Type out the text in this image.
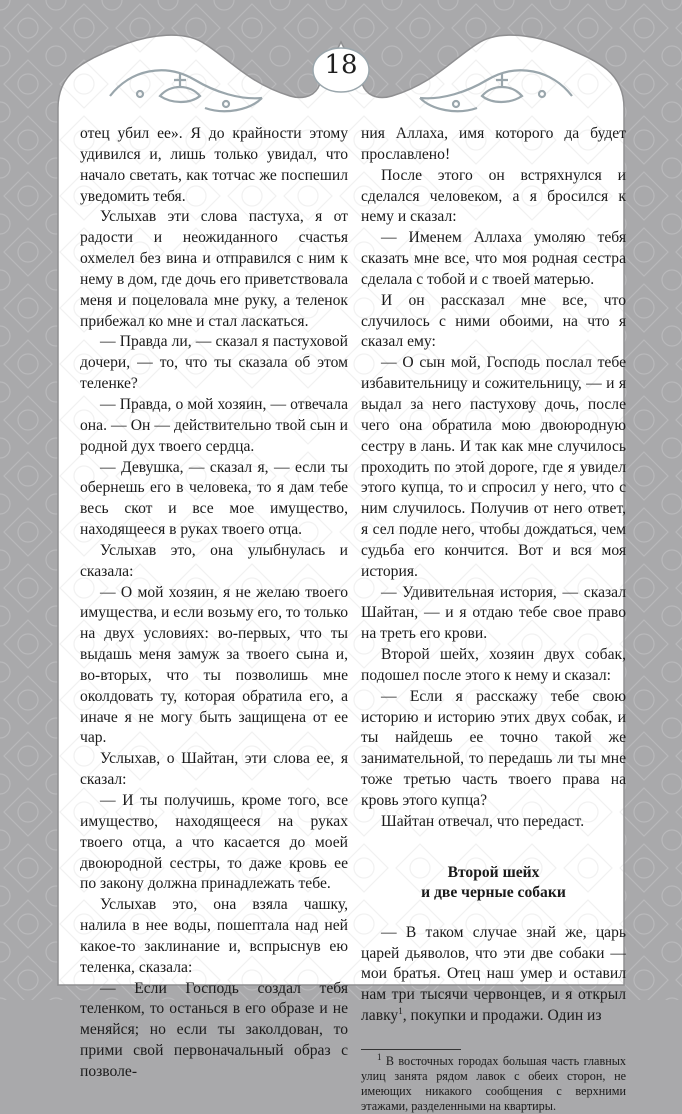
18

отец убил ее». Я до крайности этому удивился и, лишь только увидал, что начало светать, как тотчас же поспешил уведомить тебя.

Услыхав эти слова пастуха, я от радости и неожиданного счастья охмелел без вина и отправился с ним к нему в дом, где дочь его приветствовала меня и поцеловала мне руку, а теленок прибежал ко мне и стал ласкаться.

— Правда ли, — сказал я пастуховой дочери, — то, что ты сказала об этом теленке?

— Правда, о мой хозяин, — отвечала она. — Он — действительно твой сын и родной дух твоего сердца.

— Девушка, — сказал я, — если ты обернешь его в человека, то я дам тебе весь скот и все мое имущество, находящееся в руках твоего отца.

Услыхав это, она улыбнулась и сказала:

— О мой хозяин, я не желаю твоего имущества, и если возьму его, то только на двух условиях: во-первых, что ты выдашь меня замуж за твоего сына и, во-вторых, что ты позволишь мне околдовать ту, которая обратила его, а иначе я не могу быть защищена от ее чар.

Услыхав, о Шайтан, эти слова ее, я сказал:

— И ты получишь, кроме того, все имущество, находящееся на руках твоего отца, а что касается до моей двоюродной сестры, то даже кровь ее по закону должна принадлежать тебе.

Услыхав это, она взяла чашку, налила в нее воды, пошептала над ней какое-то заклинание и, вспрыснув ею теленка, сказала:

— Если Господь создал тебя теленком, то останься в его образе и не меняйся; но если ты заколдован, то прими свой первоначальный образ с позволе-

ния Аллаха, имя которого да будет прославлено!

После этого он встряхнулся и сделался человеком, а я бросился к нему и сказал:

— Именем Аллаха умоляю тебя сказать мне все, что моя родная сестра сделала с тобой и с твоей матерью.

И он рассказал мне все, что случилось с ними обоими, на что я сказал ему:

— О сын мой, Господь послал тебе избавительницу и сожительницу, — и я выдал за него пастухову дочь, после чего она обратила мою двоюродную сестру в лань. И так как мне случилось проходить по этой дороге, где я увидел этого купца, то и спросил у него, что с ним случилось. Получив от него ответ, я сел подле него, чтобы дождаться, чем судьба его кончится. Вот и вся моя история.

— Удивительная история, — сказал Шайтан, — и я отдаю тебе свое право на треть его крови.

Второй шейх, хозяин двух собак, подошел после этого к нему и сказал:

— Если я расскажу тебе свою историю и историю этих двух собак, и ты найдешь ее точно такой же занимательной, то передашь ли ты мне тоже третью часть твоего права на кровь этого купца?

Шайтан отвечал, что передаст.

Второй шейх
и две черные собаки

— В таком случае знай же, царь царей дьяволов, что эти две собаки — мои братья. Отец наш умер и оставил нам три тысячи червонцев, и я открыл лавку$^1$, покупки и продажи. Один из

$^1$ В восточных городах большая часть главных улиц занята рядом лавок с обеих сторон, не имеющих никакого сообщения с верхними этажами, разделенными на квартиры.
